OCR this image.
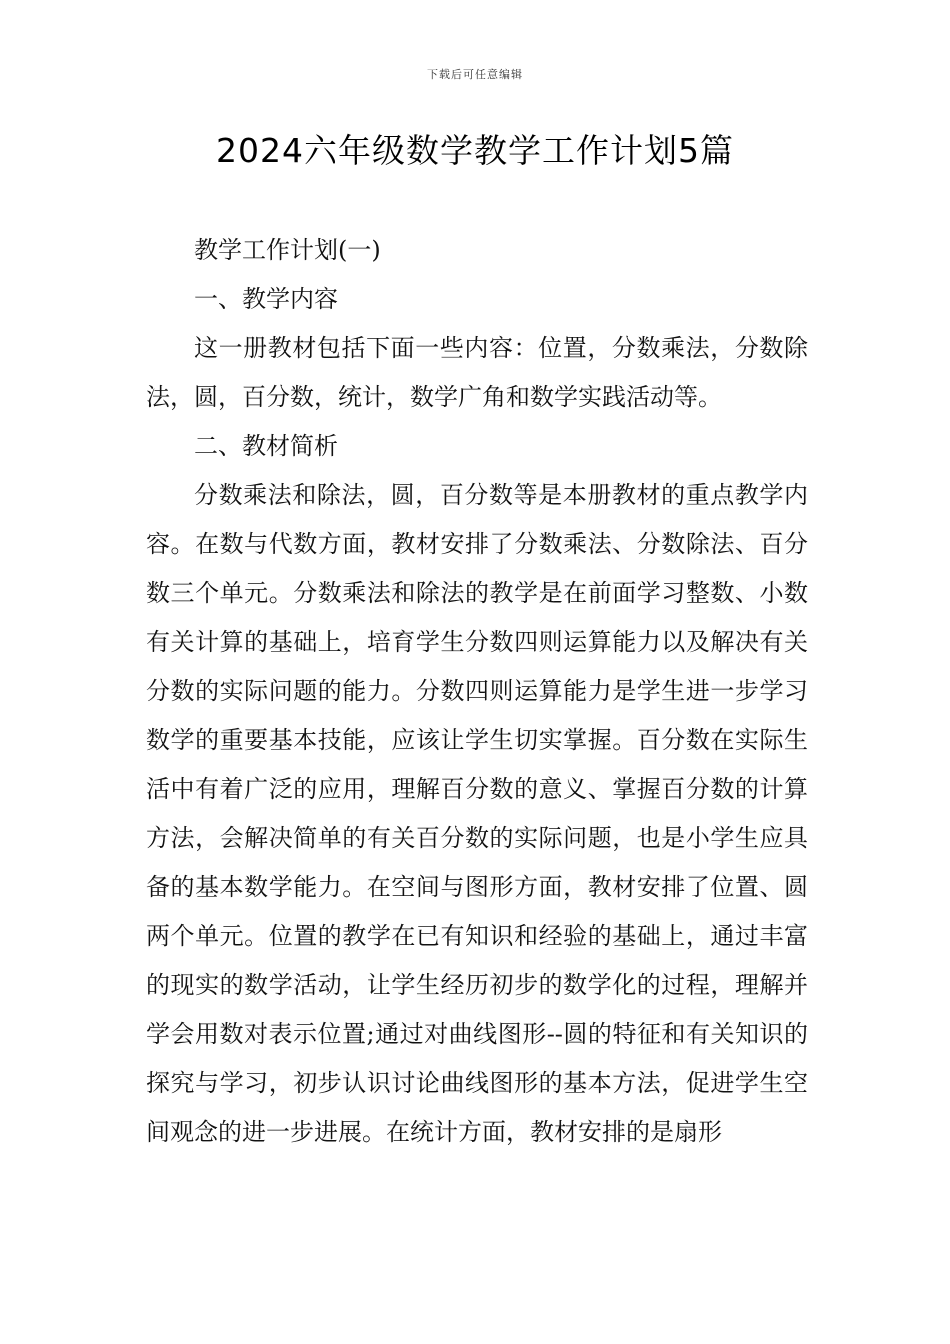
下载后可任意编辑
2024六年级数学教学工作计划5篇

教学工作计划(一)

一、教学内容

这一册教材包括下面一些内容：位置，分数乘法，分数除法，圆，百分数，统计，数学广角和数学实践活动等。

二、教材简析

分数乘法和除法，圆，百分数等是本册教材的重点教学内容。在数与代数方面，教材安排了分数乘法、分数除法、百分数三个单元。分数乘法和除法的教学是在前面学习整数、小数有关计算的基础上，培育学生分数四则运算能力以及解决有关分数的实际问题的能力。分数四则运算能力是学生进一步学习数学的重要基本技能，应该让学生切实掌握。百分数在实际生活中有着广泛的应用，理解百分数的意义、掌握百分数的计算方法，会解决简单的有关百分数的实际问题，也是小学生应具备的基本数学能力。在空间与图形方面，教材安排了位置、圆两个单元。位置的教学在已有知识和经验的基础上，通过丰富的现实的数学活动，让学生经历初步的数学化的过程，理解并学会用数对表示位置;通过对曲线图形--圆的特征和有关知识的探究与学习，初步认识讨论曲线图形的基本方法，促进学生空间观念的进一步进展。在统计方面，教材安排的是扇形
